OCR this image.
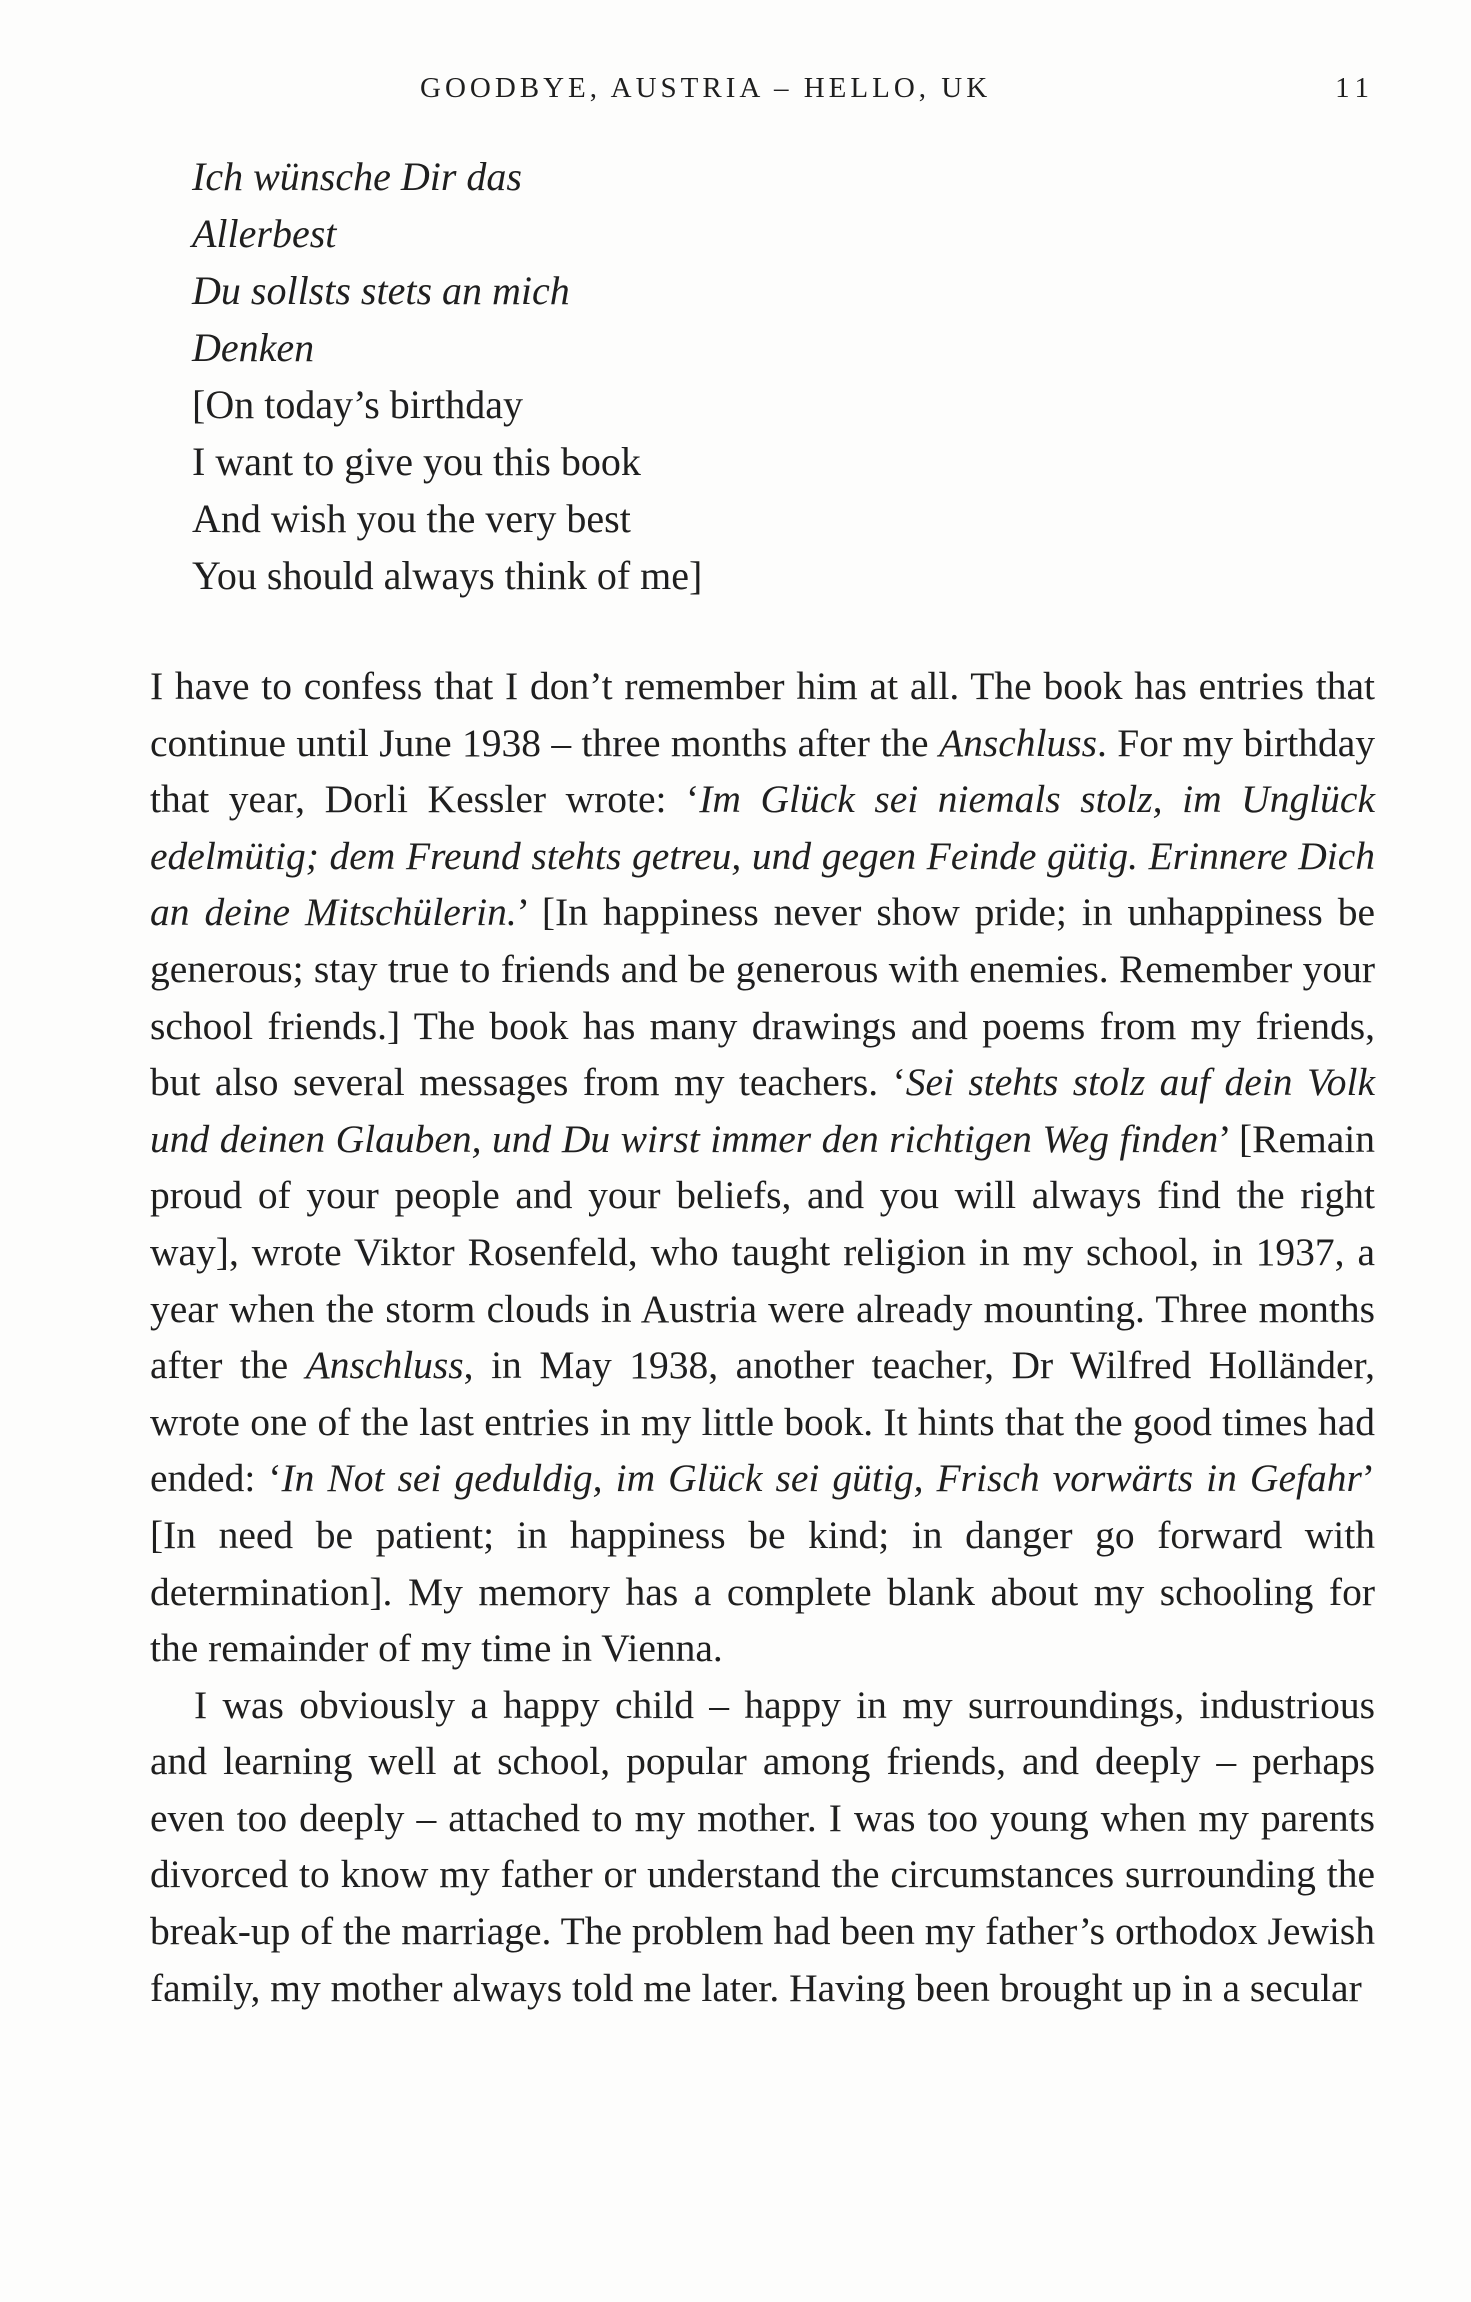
GOODBYE, AUSTRIA – HELLO, UK	11
Ich wünsche Dir das
Allerbest
Du sollsts stets an mich
Denken
[On today’s birthday
I want to give you this book
And wish you the very best
You should always think of me]

I have to confess that I don’t remember him at all. The book has entries that continue until June 1938 – three months after the Anschluss. For my birthday that year, Dorli Kessler wrote: ‘Im Glück sei niemals stolz, im Unglück edelmütig; dem Freund stehts getreu, und gegen Feinde gütig. Erinnere Dich an deine Mitschülerin.’ [In happiness never show pride; in unhappiness be generous; stay true to friends and be generous with enemies. Remember your school friends.] The book has many drawings and poems from my friends, but also several messages from my teachers. ‘Sei stehts stolz auf dein Volk und deinen Glauben, und Du wirst immer den richtigen Weg finden’ [Remain proud of your people and your beliefs, and you will always find the right way], wrote Viktor Rosenfeld, who taught religion in my school, in 1937, a year when the storm clouds in Austria were already mounting. Three months after the Anschluss, in May 1938, another teacher, Dr Wilfred Holländer, wrote one of the last entries in my little book. It hints that the good times had ended: ‘In Not sei geduldig, im Glück sei gütig, Frisch vorwärts in Gefahr’ [In need be patient; in happiness be kind; in danger go forward with determination]. My memory has a complete blank about my schooling for the remainder of my time in Vienna.

I was obviously a happy child – happy in my surroundings, industrious and learning well at school, popular among friends, and deeply – perhaps even too deeply – attached to my mother. I was too young when my parents divorced to know my father or understand the circumstances surrounding the break-up of the marriage. The problem had been my father’s orthodox Jewish family, my mother always told me later. Having been brought up in a secular
